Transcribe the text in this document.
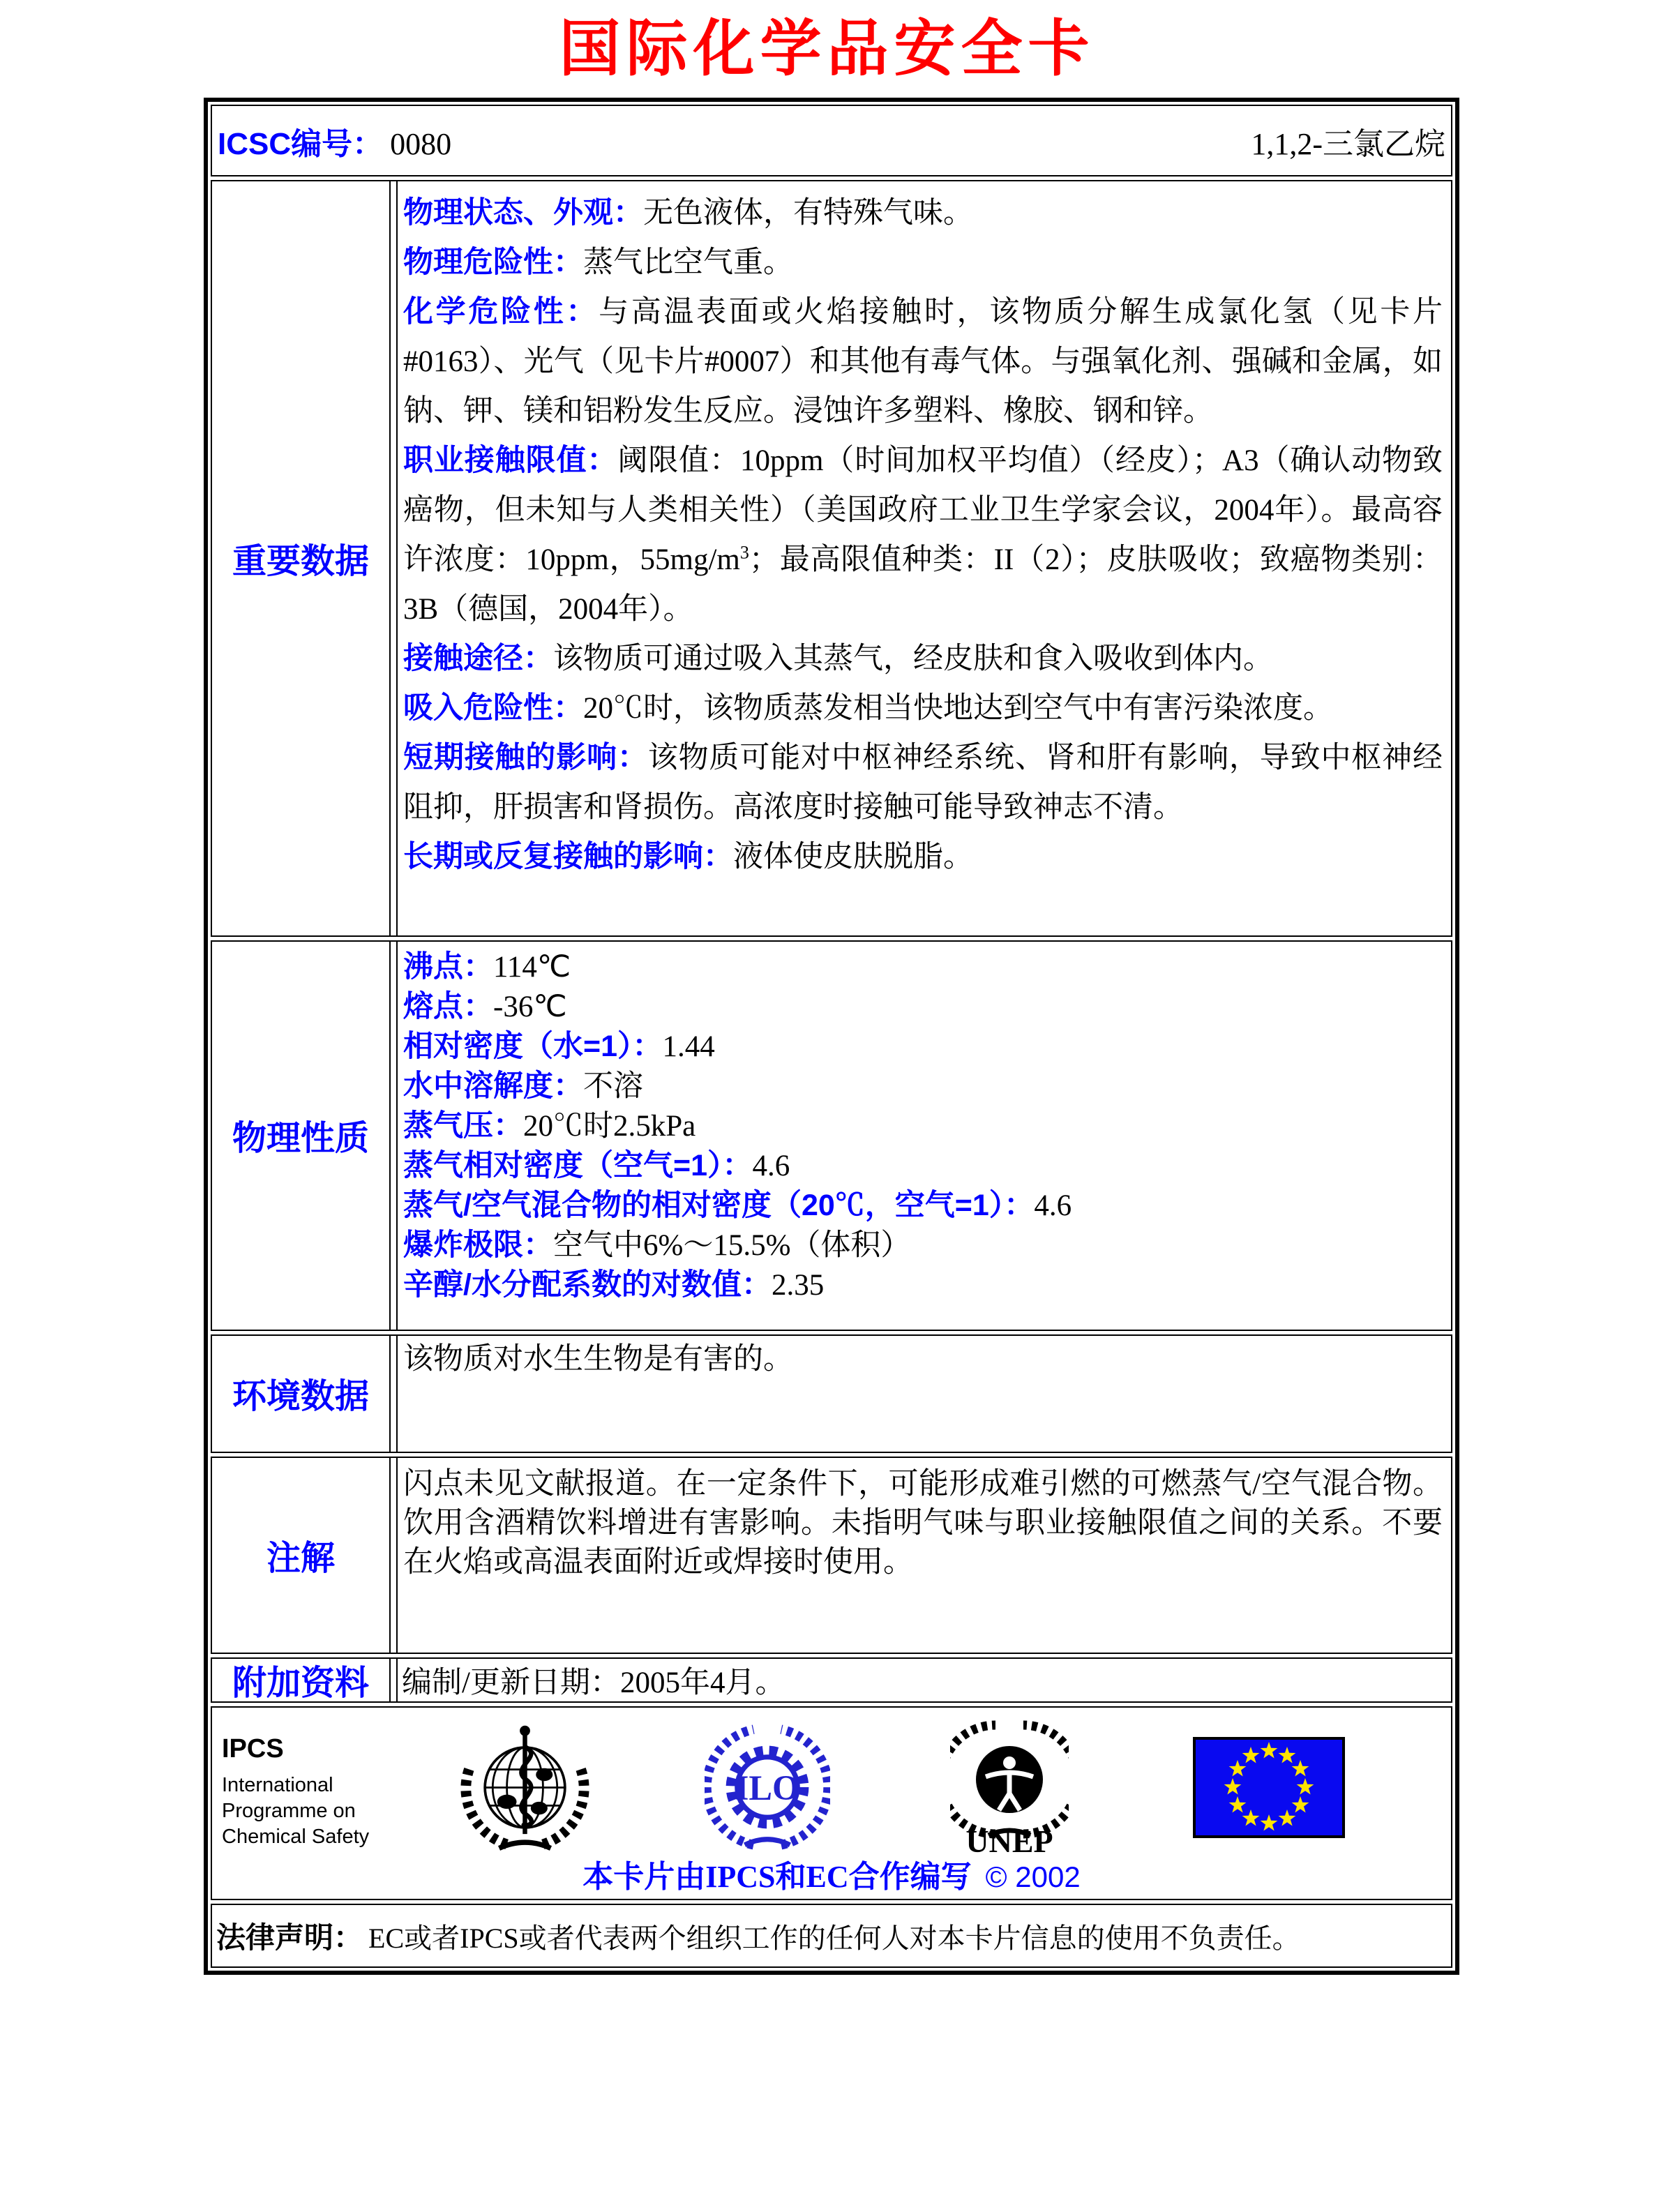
国际化学品安全卡
ICSC编号： 0080	1,1,2-三氯乙烷
重要数据

物理状态、外观：无色液体，有特殊气味。

物理危险性：蒸气比空气重。

化学危险性：与高温表面或火焰接触时，该物质分解生成氯化氢（见卡片#0163）、光气（见卡片#0007）和其他有毒气体。与强氧化剂、强碱和金属，如钠、钾、镁和铝粉发生反应。浸蚀许多塑料、橡胶、钢和锌。

职业接触限值：阈限值：10ppm（时间加权平均值）（经皮）；A3（确认动物致癌物，但未知与人类相关性）（美国政府工业卫生学家会议，2004年）。最高容许浓度：10ppm，$55mg/m^3$；最高限值种类：II（2）；皮肤吸收；致癌物类别：3B（德国，2004年）。

接触途径：该物质可通过吸入其蒸气，经皮肤和食入吸收到体内。

吸入危险性：20℃时，该物质蒸发相当快地达到空气中有害污染浓度。

短期接触的影响：该物质可能对中枢神经系统、肾和肝有影响，导致中枢神经阻抑，肝损害和肾损伤。高浓度时接触可能导致神志不清。

长期或反复接触的影响：液体使皮肤脱脂。

物理性质

沸点：114℃

熔点：-36℃

相对密度（水=1）：1.44

水中溶解度：不溶

蒸气压：20℃时2.5kPa

蒸气相对密度（空气=1）：4.6

蒸气/空气混合物的相对密度（20℃，空气=1）：4.6

爆炸极限：空气中6%～15.5%（体积）

辛醇/水分配系数的对数值：2.35

环境数据

该物质对水生生物是有害的。

注解

闪点未见文献报道。在一定条件下，可能形成难引燃的可燃蒸气/空气混合物。饮用含酒精饮料增进有害影响。未指明气味与职业接触限值之间的关系。不要在火焰或高温表面附近或焊接时使用。

附加资料	编制/更新日期：2005年4月。

IPCS
International
Programme on
Chemical Safety
ILO
UNEP
本卡片由IPCS和EC合作编写 © 2002
法律声明： EC或者IPCS或者代表两个组织工作的任何人对本卡片信息的使用不负责任。
